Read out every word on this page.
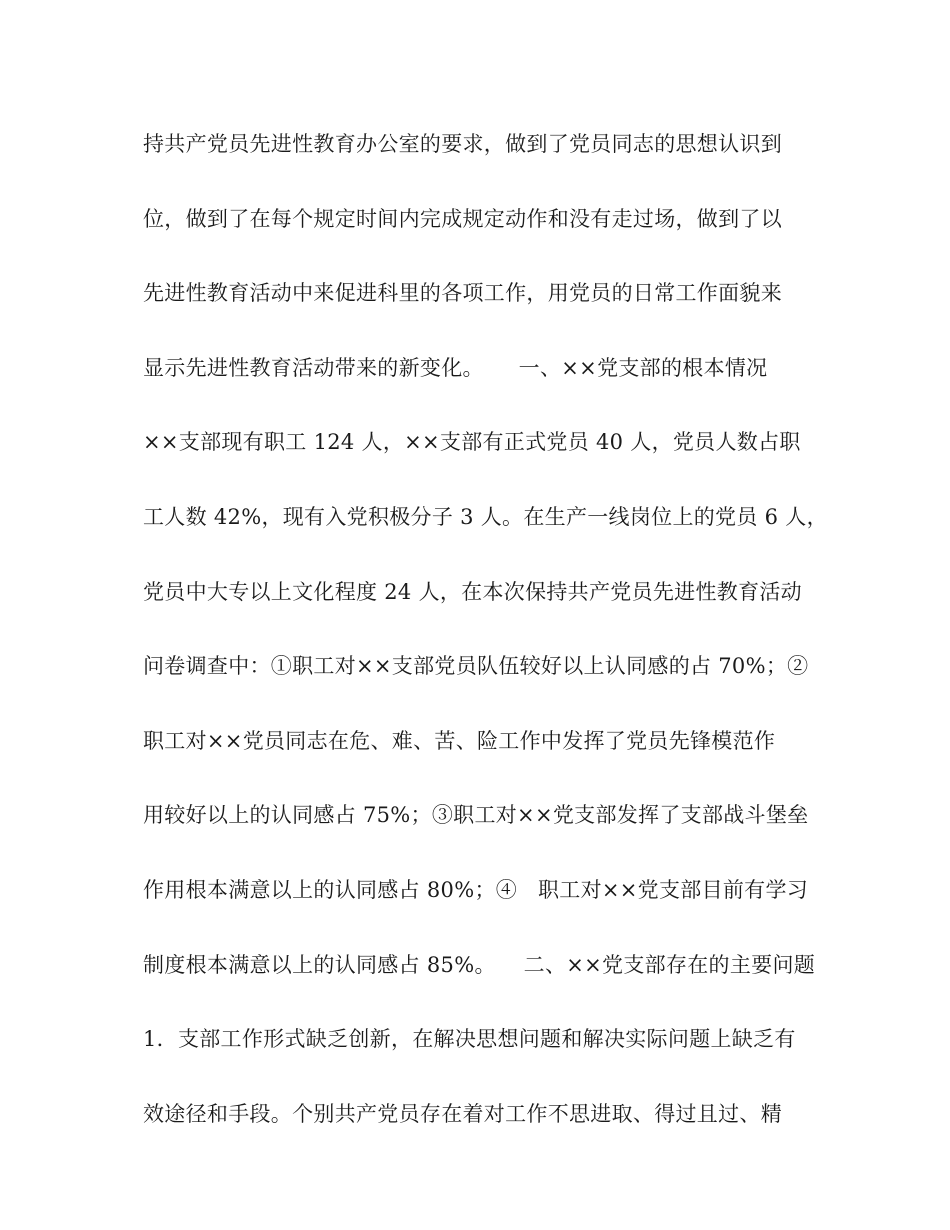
持共产党员先进性教育办公室的要求，做到了党员同志的思想认识到
位，做到了在每个规定时间内完成规定动作和没有走过场，做到了以
先进性教育活动中来促进科里的各项工作，用党员的日常工作面貌来
显示先进性教育活动带来的新变化。     一、××党支部的根本情况
××支部现有职工 124 人，××支部有正式党员 40 人，党员人数占职
工人数 42%，现有入党积极分子 3 人。在生产一线岗位上的党员 6 人，
党员中大专以上文化程度 24 人，在本次保持共产党员先进性教育活动
问卷调查中：①职工对××支部党员队伍较好以上认同感的占 70%；②
职工对××党员同志在危、难、苦、险工作中发挥了党员先锋模范作
用较好以上的认同感占 75%；③职工对××党支部发挥了支部战斗堡垒
作用根本满意以上的认同感占 80%；④   职工对××党支部目前有学习
制度根本满意以上的认同感占 85%。    二、××党支部存在的主要问题
1．支部工作形式缺乏创新，在解决思想问题和解决实际问题上缺乏有
效途径和手段。个别共产党员存在着对工作不思进取、得过且过、精
